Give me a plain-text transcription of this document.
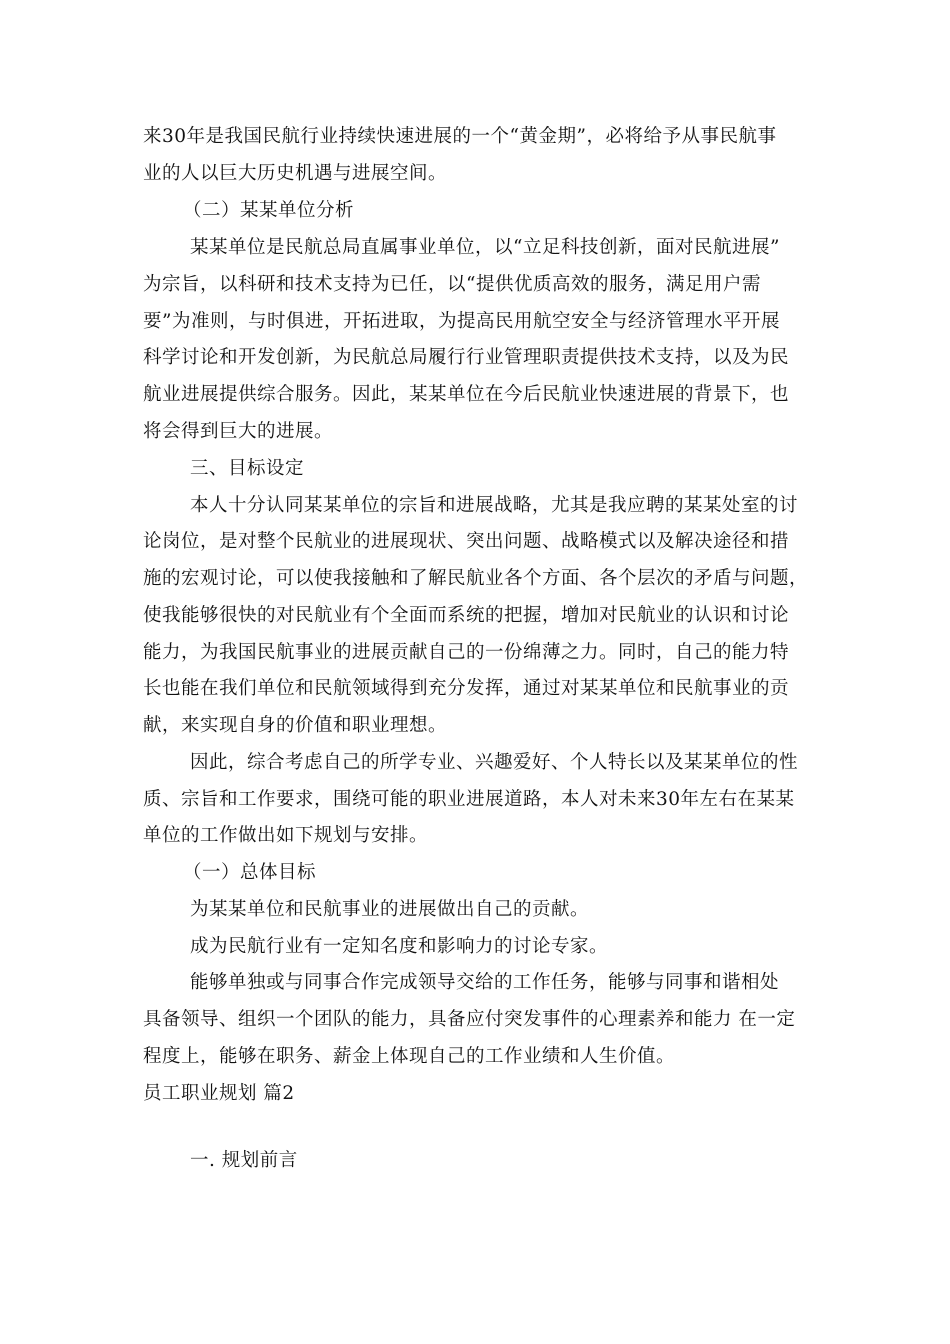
来30年是我国民航行业持续快速进展的一个“黄金期”，必将给予从事民航事
业的人以巨大历史机遇与进展空间。
（二）某某单位分析
某某单位是民航总局直属事业单位，以“立足科技创新，面对民航进展”
为宗旨，以科研和技术支持为已任，以“提供优质高效的服务，满足用户需
要”为准则，与时俱进，开拓进取，为提高民用航空安全与经济管理水平开展
科学讨论和开发创新，为民航总局履行行业管理职责提供技术支持，以及为民
航业进展提供综合服务。因此，某某单位在今后民航业快速进展的背景下，也
将会得到巨大的进展。
三、目标设定
本人十分认同某某单位的宗旨和进展战略，尤其是我应聘的某某处室的讨
论岗位，是对整个民航业的进展现状、突出问题、战略模式以及解决途径和措
施的宏观讨论，可以使我接触和了解民航业各个方面、各个层次的矛盾与问题，
使我能够很快的对民航业有个全面而系统的把握，增加对民航业的认识和讨论
能力，为我国民航事业的进展贡献自己的一份绵薄之力。同时，自己的能力特
长也能在我们单位和民航领域得到充分发挥，通过对某某单位和民航事业的贡
献，来实现自身的价值和职业理想。
因此，综合考虑自己的所学专业、兴趣爱好、个人特长以及某某单位的性
质、宗旨和工作要求，围绕可能的职业进展道路，本人对未来30年左右在某某
单位的工作做出如下规划与安排。
（一）总体目标
为某某单位和民航事业的进展做出自己的贡献。
成为民航行业有一定知名度和影响力的讨论专家。
能够单独或与同事合作完成领导交给的工作任务，能够与同事和谐相处
具备领导、组织一个团队的能力，具备应付突发事件的心理素养和能力 在一定
程度上，能够在职务、薪金上体现自己的工作业绩和人生价值。
员工职业规划 篇2
一. 规划前言
